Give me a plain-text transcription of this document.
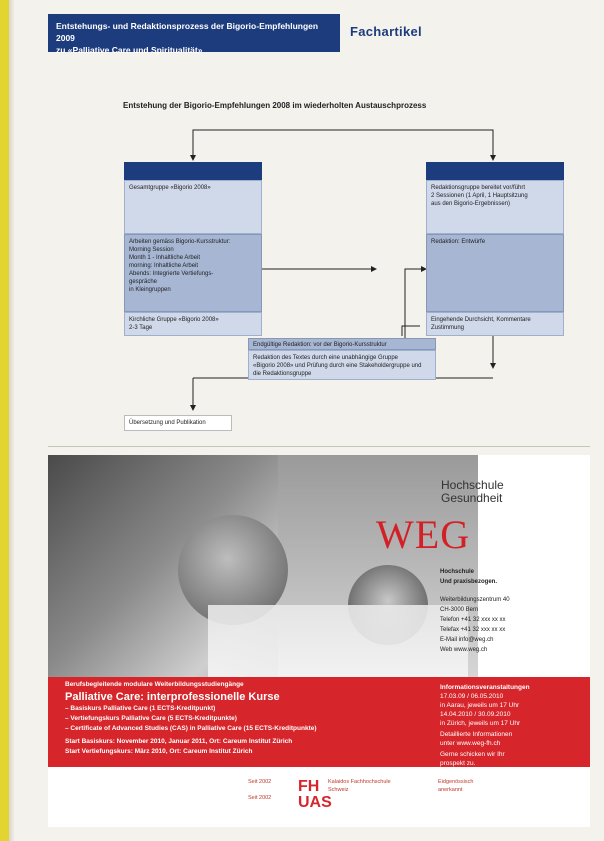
Entstehungs- und Redaktionsprozess der Bigorio-Empfehlungen 2009
zu «Palliative Care und Spiritualität»
Fachartikel
Entstehung der Bigorio-Empfehlungen 2008 im wiederholten Austauschprozess
Gesamtgruppe «Bigorio 2008»
Arbeiten gemäss Bigorio-Kursstruktur:
Morning Session
Month 1 - Inhaltliche Arbeit
morning: Inhaltliche Arbeit
Abends: Integrierte Vertiefungs-
gespräche
in Kleingruppen
Kirchliche Gruppe «Bigorio 2008»
2-3 Tage
Redaktionsgruppe bereitet vor/führt
2 Sessionen (1 April, 1 Hauptsitzung
aus den Bigorio-Ergebnissen)
Redaktion: Entwürfe
Eingehende Durchsicht, Kommentare
Zustimmung
Endgültige Redaktion: vor der Bigorio-Kursstruktur
Redaktion des Textes durch eine unabhängige Gruppe
«Bigorio 2008» und Prüfung durch eine Stakeholdergruppe und
die Redaktionsgruppe
Übersetzung und Publikation
Hochschule
Gesundheit
WEG
Hochschule
Und praxisbezogen.
Weiterbildungszentrum 40
CH-3000 Bern
Telefon +41 32 xxx xx xx
Telefax +41 32 xxx xx xx
E-Mail info@weg.ch
Web www.weg.ch
Berufsbegleitende modulare Weiterbildungsstudiengänge
Palliative Care: interprofessionelle Kurse
– Basiskurs Palliative Care (1 ECTS-Kreditpunkt)
– Vertiefungskurs Palliative Care (5 ECTS-Kreditpunkte)
– Certificate of Advanced Studies (CAS) in Palliative Care (15 ECTS-Kreditpunkte)
Start Basiskurs: November 2010, Januar 2011, Ort: Careum Institut Zürich
Start Vertiefungskurs: März 2010, Ort: Careum Institut Zürich
Informationsveranstaltungen
17.03.09 / 06.05.2010
in Aarau, jeweils um 17 Uhr
14.04.2010 / 30.09.2010
in Zürich, jeweils um 17 Uhr
Detaillierte Informationen
unter www.weg-fh.ch
Gerne schicken wir Ihr
prospekt zu.
FH
UAS
Seit 2002
Seit 2002
Kalaidos Fachhochschule
Schweiz
Eidgenössisch
anerkannt
